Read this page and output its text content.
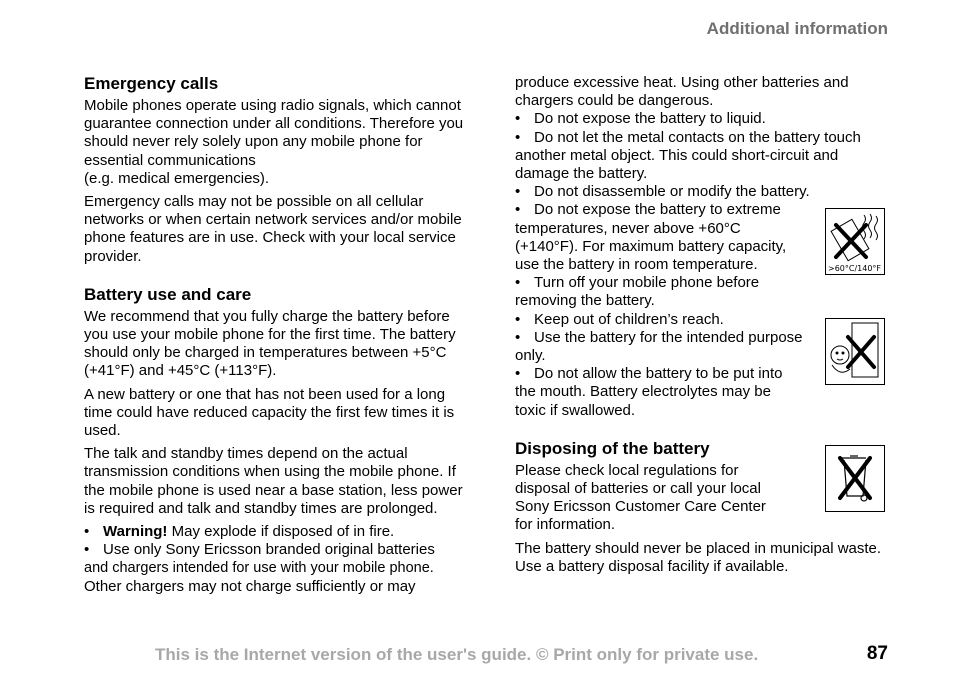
Additional information
Emergency calls

Mobile phones operate using radio signals, which cannot guarantee connection under all conditions. Therefore you should never rely solely upon any mobile phone for essential communications

(e.g. medical emergencies).

Emergency calls may not be possible on all cellular networks or when certain network services and/or mobile phone features are in use. Check with your local service provider.

Battery use and care

We recommend that you fully charge the battery before you use your mobile phone for the first time. The battery should only be charged in temperatures between +5°C (+41°F) and +45°C (+113°F).

A new battery or one that has not been used for a long time could have reduced capacity the first few times it is used.

The talk and standby times depend on the actual transmission conditions when using the mobile phone. If the mobile phone is used near a base station, less power is required and talk and standby times are prolonged.

• Warning! May explode if disposed of in fire.

• Use only Sony Ericsson branded original batteries

and chargers intended for use with your mobile phone.

Other chargers may not charge sufficiently or may

produce excessive heat. Using other batteries and chargers could be dangerous.

• Do not expose the battery to liquid.

• Do not let the metal contacts on the battery touch another metal object. This could short-circuit and damage the battery.

• Do not disassemble or modify the battery.

• Do not expose the battery to extreme temperatures, never above +60°C (+140°F). For maximum battery capacity, use the battery in room temperature.

• Turn off your mobile phone before removing the battery.

• Keep out of children’s reach.

• Use the battery for the intended purpose only.

• Do not allow the battery to be put into the mouth. Battery electrolytes may be toxic if swallowed.

Disposing of the battery

Please check local regulations for disposal of batteries or call your local Sony Ericsson Customer Care Center for information.

The battery should never be placed in municipal waste. Use a battery disposal facility if available.

>60°C/140°F
This is the Internet version of the user's guide. © Print only for private use.	87
